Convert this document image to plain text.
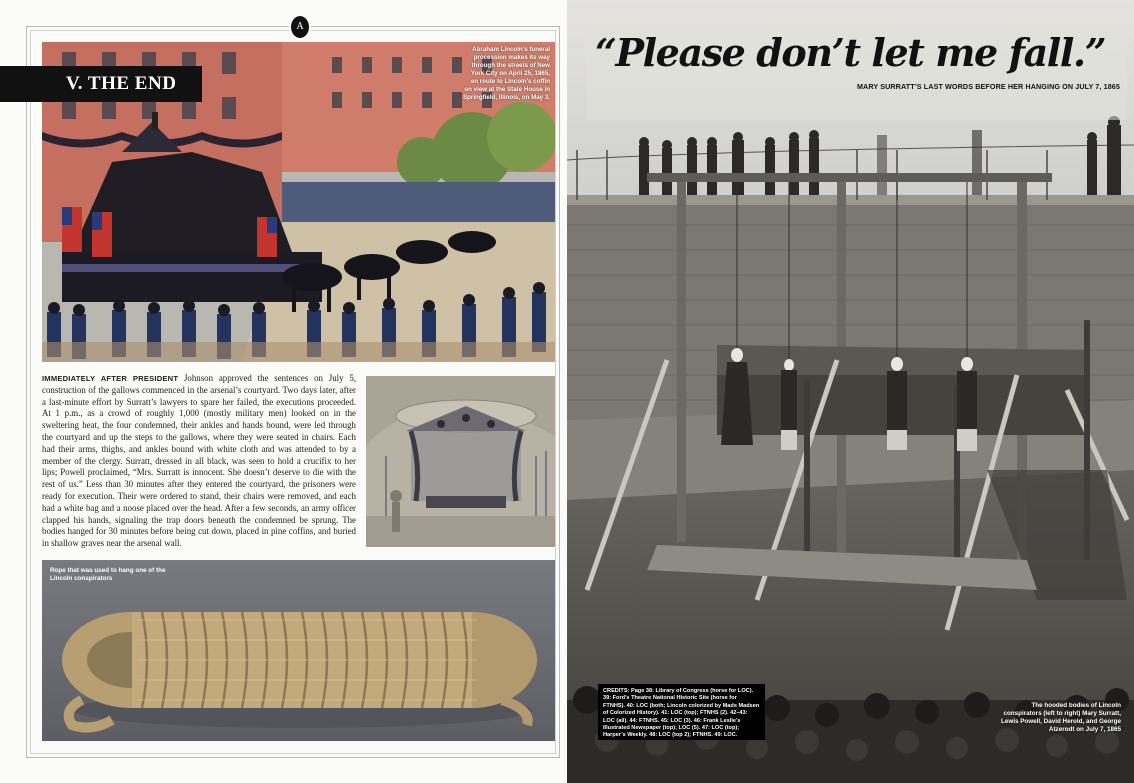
A
V. THE END
Abraham Lincoln’s funeral procession makes its way through the streets of New York City on April 25, 1865, en route to Lincoln’s coffin on view at the State House in Springfield, Illinois, on May 3.

IMMEDIATELY AFTER PRESIDENT Johnson approved the sentences on July 5, construction of the gallows commenced in the arsenal’s courtyard. Two days later, after a last-minute effort by Surratt’s lawyers to spare her failed, the executions proceeded. At 1 p.m., as a crowd of roughly 1,000 (mostly military men) looked on in the sweltering heat, the four condemned, their ankles and hands bound, were led through the courtyard and up the steps to the gallows, where they were seated in chairs. Each had their arms, thighs, and ankles bound with white cloth and was attended to by a member of the clergy. Surratt, dressed in all black, was seen to hold a crucifix to her lips; Powell proclaimed, “Mrs. Surratt is innocent. She doesn’t deserve to die with the rest of us.” Less than 30 minutes after they entered the courtyard, the prisoners were ready for execution. Their were ordered to stand, their chairs were removed, and each had a white bag and a noose placed over the head. After a few seconds, an army officer clapped his hands, signaling the trap doors beneath the condemned be sprung. The bodies hanged for 30 minutes before being cut down, placed in pine coffins, and buried in shallow graves near the arsenal wall.

Rope that was used to hang one of the Lincoln conspirators
“Please don’t let me fall.”
MARY SURRATT’S LAST WORDS BEFORE HER HANGING ON JULY 7, 1865
CREDITS: Page 38: Library of Congress (horse for LOC). 39: Ford’s Theatre National Historic Site (horse for FTNHS). 40: LOC (both; Lincoln colorized by Mads Madsen of Colorized History). 41: LOC (top); FTNHS (2). 42–43: LOC (all). 44: FTNHS. 45: LOC (3). 46: Frank Leslie’s Illustrated Newspaper (top); LOC (5). 47: LOC (top); Harper’s Weekly. 48: LOC (top 2); FTNHS. 49: LOC.
The hooded bodies of Lincoln conspirators (left to right) Mary Surratt, Lewis Powell, David Herold, and George Atzerodt on July 7, 1865
